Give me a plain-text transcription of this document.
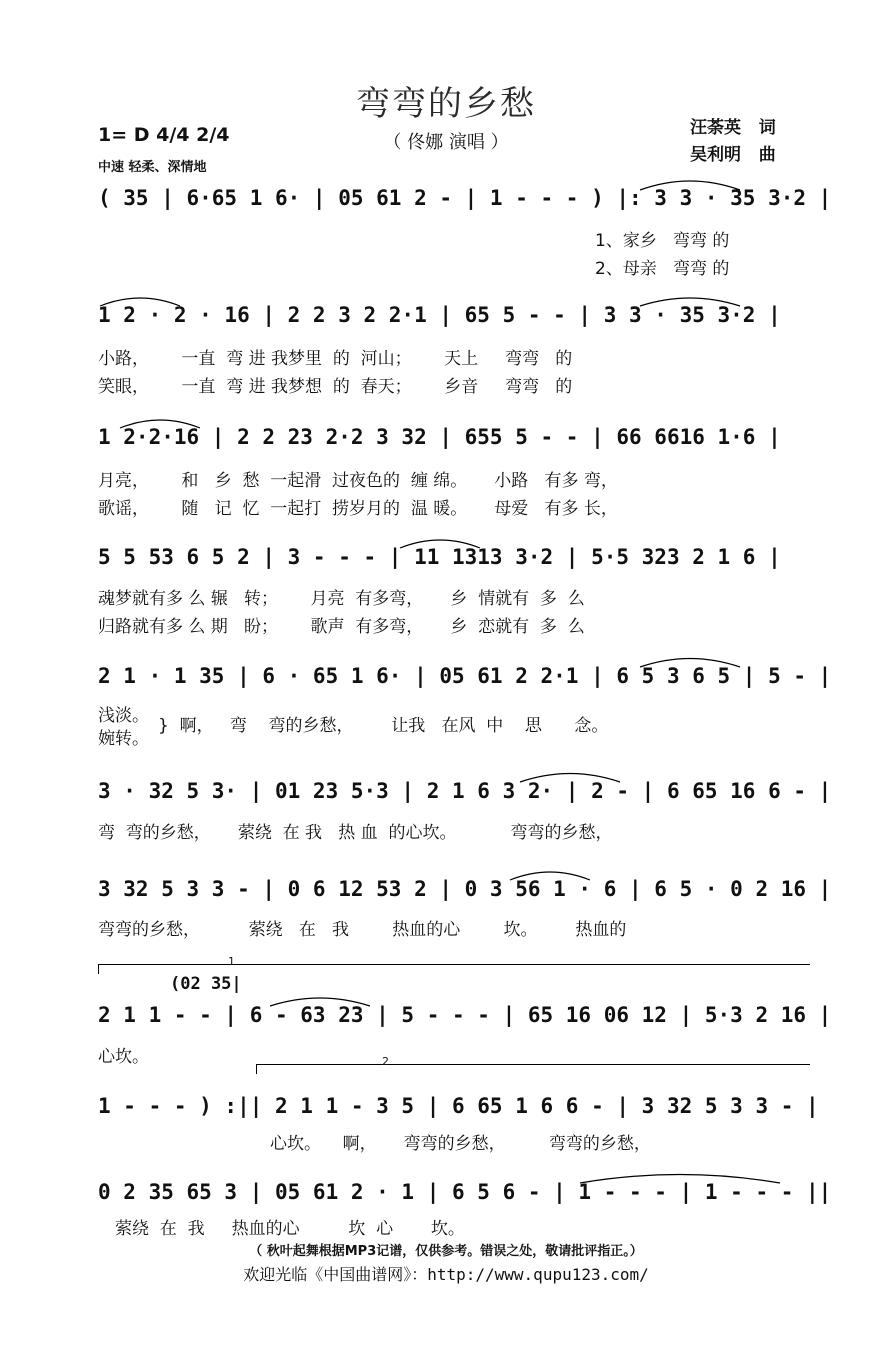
弯弯的乡愁
（ 佟娜 演唱 ）
汪荼英   词
吴利明   曲
1= D 4/4 2/4
中速 轻柔、深情地
( 35 | 6·65 1 6· | 05 61 2 - | 1 - - - ) |: 3 3 · 35 3·2 |
1、家乡   弯弯 的
2、母亲   弯弯 的
1 2 · 2 · 16 | 2 2 3 2 2·1 | 65 5 - - | 3 3 · 35 3·2 |
小路，      一直  弯 进 我梦里  的  河山；      天上     弯弯   的
笑眼，      一直  弯 进 我梦想  的  春天；      乡音     弯弯   的
1 2·2·16 | 2 2 23 2·2 3 32 | 655 5 - - | 66 6616 1·6 |
月亮，      和   乡  愁  一起滑  过夜色的  缠 绵。     小路   有多 弯，
歌谣，      随   记  忆  一起打  捞岁月的  温 暖。     母爱   有多 长，
5 5 53 6 5 2 | 3 - - - | 11 1313 3·2 | 5·5 323 2 1 6 |
魂梦就有多 么 辗   转；      月亮  有多弯，     乡  情就有  多  么
归路就有多 么 期   盼；      歌声  有多弯，     乡  恋就有  多  么
2 1 · 1 35 | 6 · 65 1 6· | 05 61 2 2·1 | 6 5 3 6 5 | 5 - |
浅淡。
婉转。
}  啊，   弯    弯的乡愁，       让我   在风  中    思      念。
3 · 32 5 3· | 01 23 5·3 | 2 1 6 3 2· | 2 - | 6 65 16 6 - |
弯  弯的乡愁，     萦绕  在 我   热 血  的心坎。          弯弯的乡愁，
3 32 5 3 3 - | 0 6 12 53 2 | 0 3 56 1 · 6 | 6 5 · 0 2 16 |
弯弯的乡愁，         萦绕   在   我        热血的心        坎。       热血的
1
(02 35|
2 1 1 - - | 6 - 63 23 | 5 - - - | 65 16 06 12 | 5·3 2 16 |
心坎。	2
1 - - - ) :|| 2 1 1 - 3 5 | 6 65 1 6 6 - | 3 32 5 3 3 - |
心坎。    啊，     弯弯的乡愁，        弯弯的乡愁，
0 2 35 65 3 | 05 61 2 · 1 | 6 5 6 - | 1 - - - | 1 - - - ||
萦绕  在  我     热血的心         坎  心       坎。
（ 秋叶起舞根据MP3记谱，仅供参考。错误之处，敬请批评指正。）
欢迎光临《中国曲谱网》：http://www.qupu123.com/
